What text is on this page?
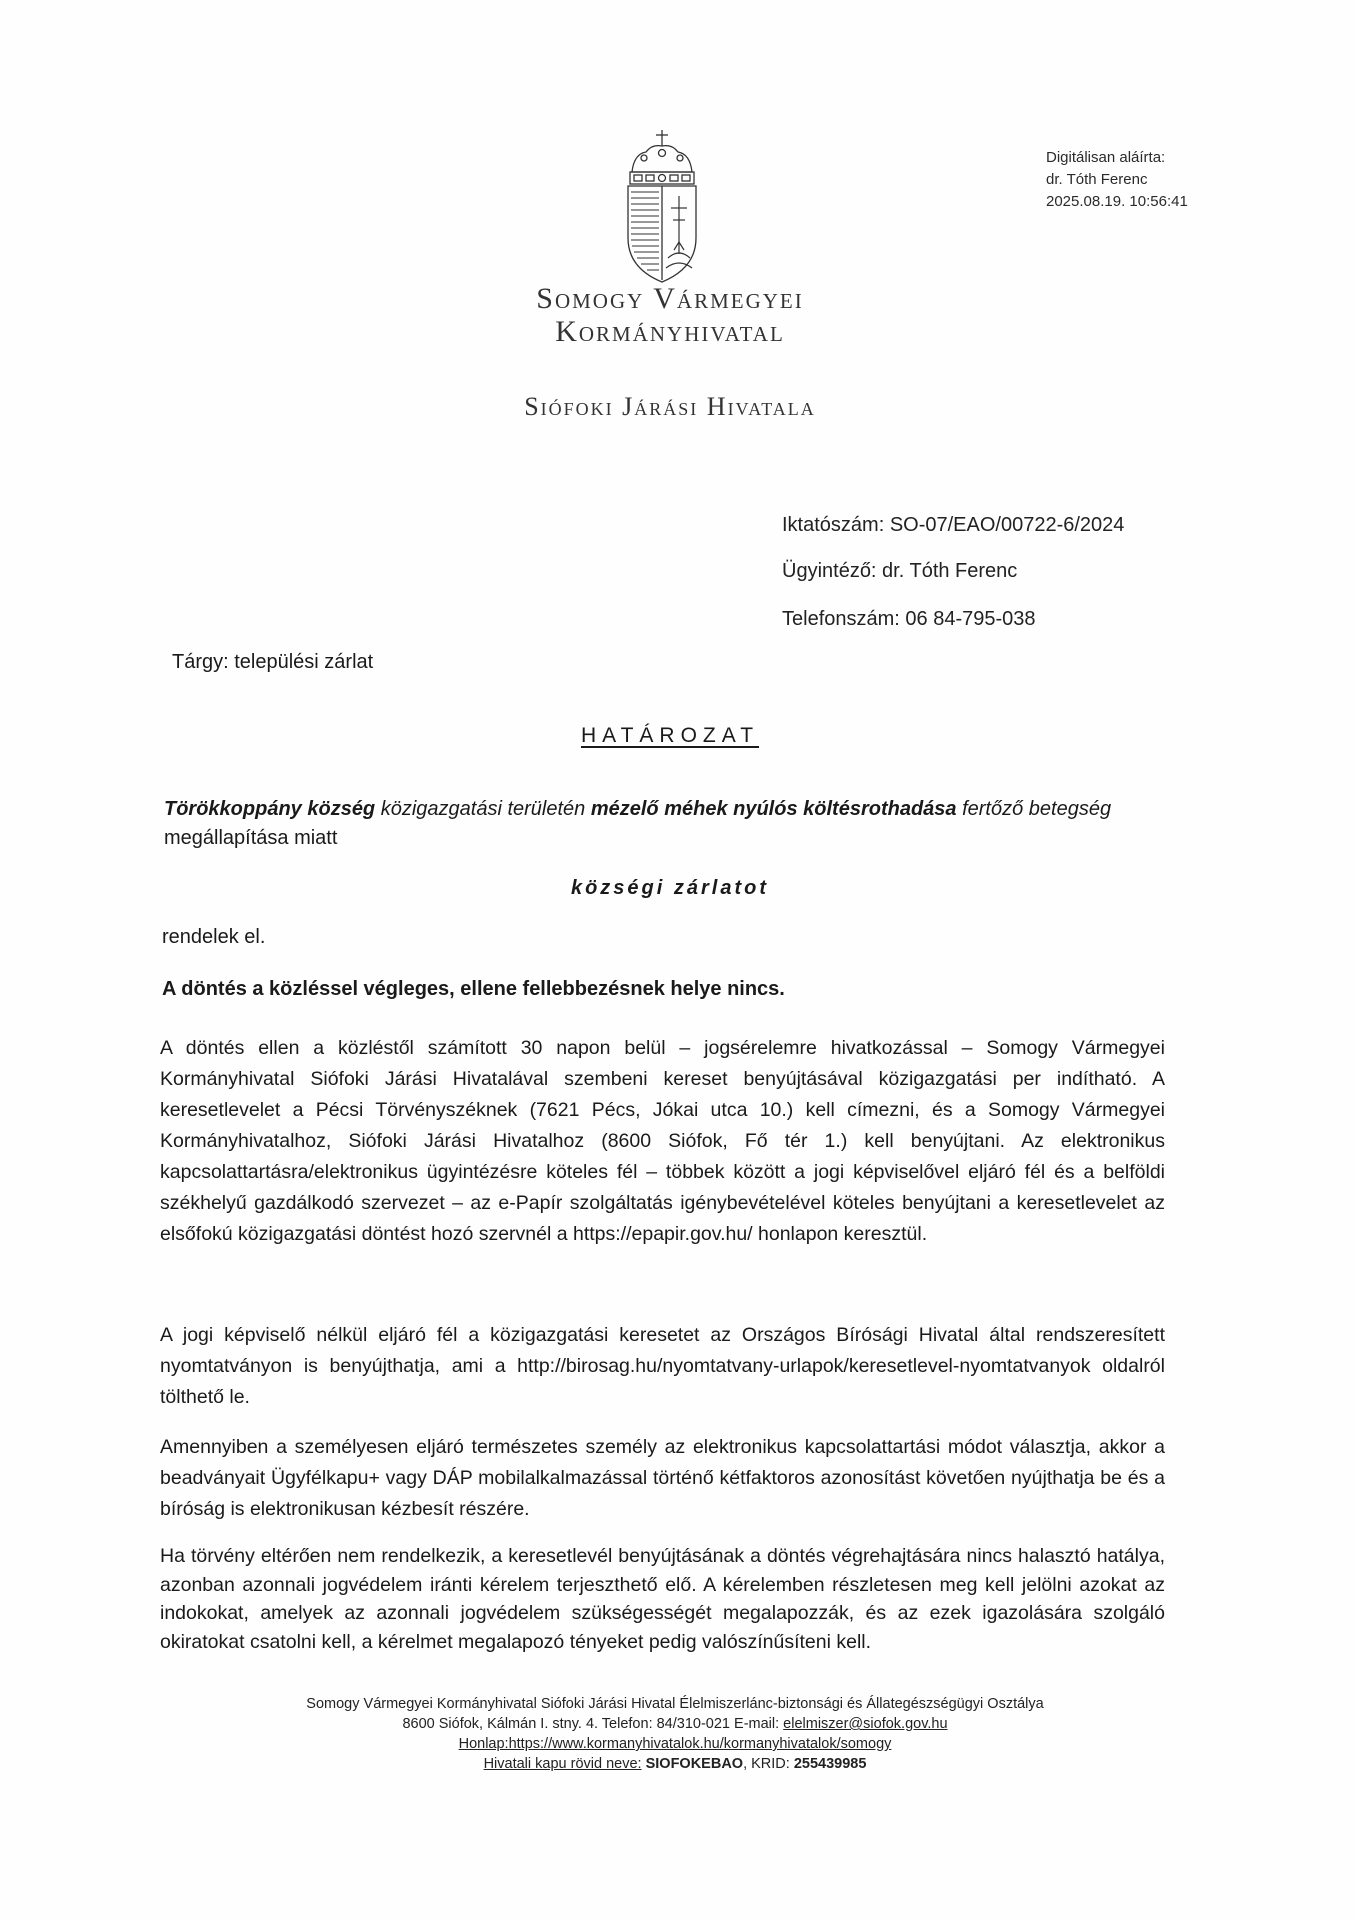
Digitálisan aláírta:
dr. Tóth Ferenc
2025.08.19. 10:56:41
Somogy Vármegyei
Kormányhivatal
Siófoki Járási Hivatala
Iktatószám: SO-07/EAO/00722-6/2024
Ügyintéző: dr. Tóth Ferenc
Telefonszám: 06 84-795-038
Tárgy: települési zárlat
HATÁROZAT
Törökkoppány község közigazgatási területén mézelő méhek nyúlós költésrothadása fertőző betegség megállapítása miatt
községi zárlatot
rendelek el.
A döntés a közléssel végleges, ellene fellebbezésnek helye nincs.
A döntés ellen a közléstől számított 30 napon belül – jogsérelemre hivatkozással – Somogy Vármegyei Kormányhivatal Siófoki Járási Hivatalával szembeni kereset benyújtásával közigazgatási per indítható. A keresetlevelet a Pécsi Törvényszéknek (7621 Pécs, Jókai utca 10.) kell címezni, és a Somogy Vármegyei Kormányhivatalhoz, Siófoki Járási Hivatalhoz (8600 Siófok, Fő tér 1.) kell benyújtani. Az elektronikus kapcsolattartásra/elektronikus ügyintézésre köteles fél – többek között a jogi képviselővel eljáró fél és a belföldi székhelyű gazdálkodó szervezet – az e-Papír szolgáltatás igénybevételével köteles benyújtani a keresetlevelet az elsőfokú közigazgatási döntést hozó szervnél a https://epapir.gov.hu/ honlapon keresztül.
A jogi képviselő nélkül eljáró fél a közigazgatási keresetet az Országos Bírósági Hivatal által rendszeresített nyomtatványon is benyújthatja, ami a http://birosag.hu/nyomtatvany-urlapok/keresetlevel-nyomtatvanyok oldalról tölthető le.
Amennyiben a személyesen eljáró természetes személy az elektronikus kapcsolattartási módot választja, akkor a beadványait Ügyfélkapu+ vagy DÁP mobilalkalmazással történő kétfaktoros azonosítást követően nyújthatja be és a bíróság is elektronikusan kézbesít részére.
Ha törvény eltérően nem rendelkezik, a keresetlevél benyújtásának a döntés végrehajtására nincs halasztó hatálya, azonban azonnali jogvédelem iránti kérelem terjeszthető elő. A kérelemben részletesen meg kell jelölni azokat az indokokat, amelyek az azonnali jogvédelem szükségességét megalapozzák, és az ezek igazolására szolgáló okiratokat csatolni kell, a kérelmet megalapozó tényeket pedig valószínűsíteni kell.
Somogy Vármegyei Kormányhivatal Siófoki Járási Hivatal Élelmiszerlánc-biztonsági és Állategészségügyi Osztálya
8600 Siófok, Kálmán I. stny. 4. Telefon: 84/310-021 E-mail: elelmiszer@siofok.gov.hu
Honlap:https://www.kormanyhivatalok.hu/kormanyhivatalok/somogy
Hivatali kapu rövid neve: SIOFOKEBAO, KRID: 255439985
